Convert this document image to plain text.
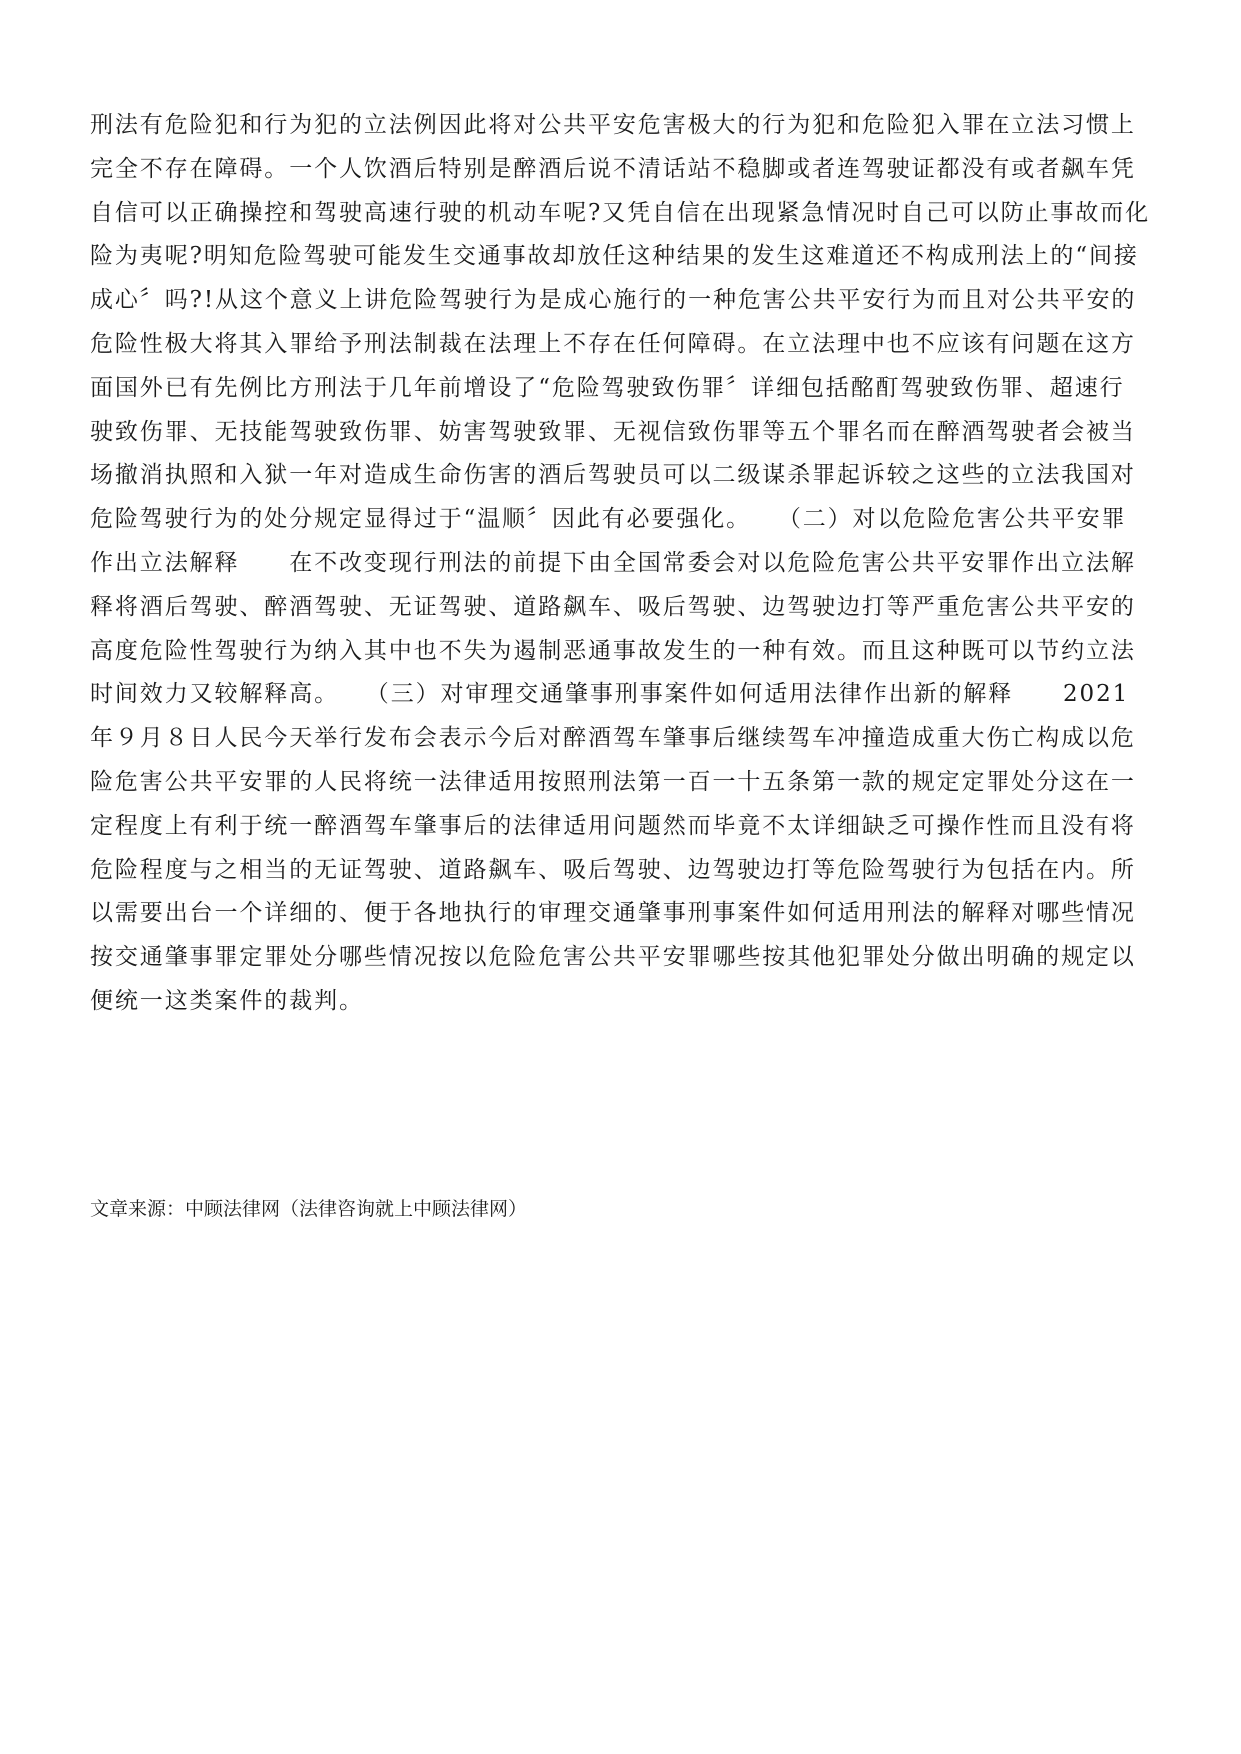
刑法有危险犯和行为犯的立法例因此将对公共平安危害极大的行为犯和危险犯入罪在立法习惯上
完全不存在障碍。一个人饮酒后特别是醉酒后说不清话站不稳脚或者连驾驶证都没有或者飙车凭
自信可以正确操控和驾驶高速行驶的机动车呢?又凭自信在出现紧急情况时自己可以防止事故而化
险为夷呢?明知危险驾驶可能发生交通事故却放任这种结果的发生这难道还不构成刑法上的“间接
成心〞吗?!从这个意义上讲危险驾驶行为是成心施行的一种危害公共平安行为而且对公共平安的
危险性极大将其入罪给予刑法制裁在法理上不存在任何障碍。在立法理中也不应该有问题在这方
面国外已有先例比方刑法于几年前增设了“危险驾驶致伤罪〞详细包括酩酊驾驶致伤罪、超速行
驶致伤罪、无技能驾驶致伤罪、妨害驾驶致罪、无视信致伤罪等五个罪名而在醉酒驾驶者会被当
场撤消执照和入狱一年对造成生命伤害的酒后驾驶员可以二级谋杀罪起诉较之这些的立法我国对
危险驾驶行为的处分规定显得过于“温顺〞因此有必要强化。　　（二）对以危险危害公共平安罪
作出立法解释　　在不改变现行刑法的前提下由全国常委会对以危险危害公共平安罪作出立法解
释将酒后驾驶、醉酒驾驶、无证驾驶、道路飙车、吸后驾驶、边驾驶边打等严重危害公共平安的
高度危险性驾驶行为纳入其中也不失为遏制恶通事故发生的一种有效。而且这种既可以节约立法
时间效力又较解释高。　　（三）对审理交通肇事刑事案件如何适用法律作出新的解释　　2021
年９月８日人民今天举行发布会表示今后对醉酒驾车肇事后继续驾车冲撞造成重大伤亡构成以危
险危害公共平安罪的人民将统一法律适用按照刑法第一百一十五条第一款的规定定罪处分这在一
定程度上有利于统一醉酒驾车肇事后的法律适用问题然而毕竟不太详细缺乏可操作性而且没有将
危险程度与之相当的无证驾驶、道路飙车、吸后驾驶、边驾驶边打等危险驾驶行为包括在内。所
以需要出台一个详细的、便于各地执行的审理交通肇事刑事案件如何适用刑法的解释对哪些情况
按交通肇事罪定罪处分哪些情况按以危险危害公共平安罪哪些按其他犯罪处分做出明确的规定以
便统一这类案件的裁判。
文章来源：中顾法律网（法律咨询就上中顾法律网）
